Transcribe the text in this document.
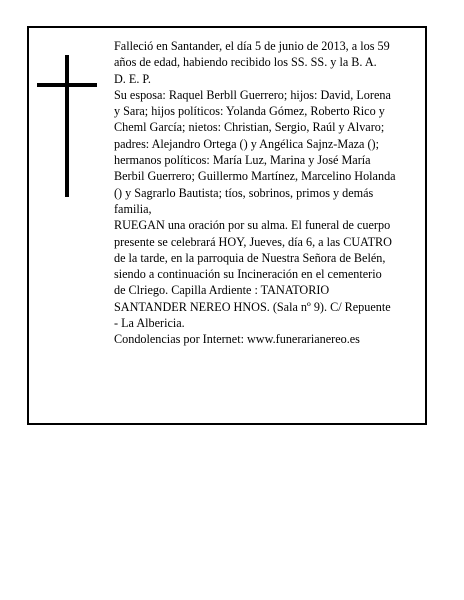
Falleció en Santander, el día 5 de junio de 2013, a los 59 años de edad, habiendo recibido los SS. SS. y la B. A.

D. E. P.

Su esposa: Raquel Berbll Guerrero; hijos: David, Lorena y Sara; hijos políticos: Yolanda Gómez, Roberto Rico y Cheml García; nietos: Christian, Sergio, Raúl y Alvaro; padres: Alejandro Ortega () y Angélica Sajnz-Maza (); hermanos políticos: María Luz, Marina y José María Berbil Guerrero; Guillermo Martínez, Marcelino Holanda () y Sagrarlo Bautista; tíos, sobrinos, primos y demás familia,

RUEGAN una oración por su alma. El funeral de cuerpo presente se celebrará HOY, Jueves, día 6, a las CUATRO de la tarde, en la parroquia de Nuestra Señora de Belén, siendo a continuación su Incineración en el cementerio de Clriego. Capilla Ardiente : TANATORIO SANTANDER NEREO HNOS. (Sala nº 9). C/ Repuente - La Albericia.

Condolencias por Internet: www.funerarianereo.es
